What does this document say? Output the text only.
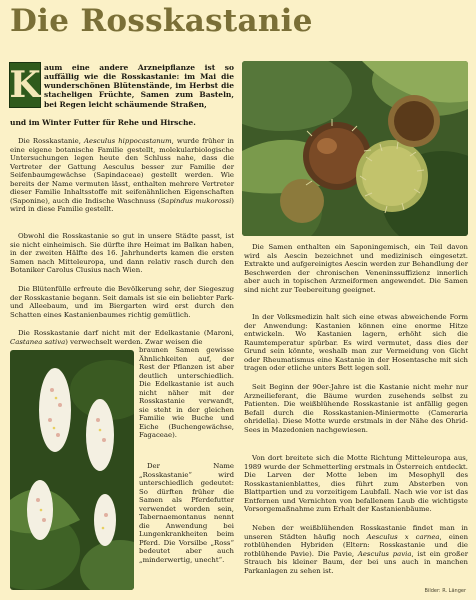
Die Rosskastanie
K aum eine andere Arzneipflanze ist so auffällig wie die Rosskastanie: im Mai die wunderschönen Blütenstände, im Herbst die stacheligen Früchte, Samen zum Basteln, bei Regen leicht schäumende Straßen,

und im Winter Futter für Rehe und Hirsche.

Die Rosskastanie, Aesculus hippocastanum, wurde früher in eine eigene botanische Familie gestellt, molekularbiologische Untersuchungen legen heute den Schluss nahe, dass die Vertreter der Gattung Aesculus besser zur Familie der Seifenbaumgewächse (Sapindaceae) gestellt werden. Wie bereits der Name vermuten lässt, enthalten mehrere Vertreter dieser Familie Inhaltsstoffe mit seifenähnlichen Eigenschaften (Saponine), auch die Indische Waschnuss (Sapindus mukorossi) wird in diese Familie gestellt.

Obwohl die Rosskastanie so gut in unsere Städte passt, ist sie nicht einheimisch. Sie dürfte ihre Heimat im Balkan haben, in der zweiten Hälfte des 16. Jahrhunderts kamen die ersten Samen nach Mitteleuropa, und dann relativ rasch durch den Botaniker Carolus Clusius nach Wien.

Die Blütenfülle erfreute die Bevölkerung sehr, der Siegeszug der Rosskastanie begann. Seit damals ist sie ein beliebter Park- und Alleebaum, und im Biergarten wird erst durch den Schatten eines Kastanienbaumes richtig gemütlich.

Die Rosskastanie darf nicht mit der Edelkastanie (Maroni, Castanea sativa) verwechselt werden. Zwar weisen die

braunen Samen gewisse Ähnlichkeiten auf, der Rest der Pflanzen ist aber deutlich unterschiedlich. Die Edelkastanie ist auch nicht näher mit der Rosskastanie verwandt, sie steht in der gleichen Familie wie Buche und Eiche (Buchengewächse, Fagaceae).

Der Name „Rosskastanie“ wird unterschiedlich gedeutet: So dürften früher die Samen als Pferdefutter verwendet worden sein, Tabernaemontanus nennt die Anwendung bei Lungenkrankheiten beim Pferd. Die Vorsilbe „Ross“ bedeutet aber auch „minderwertig, unecht“.

Die Samen enthalten ein Saponingemisch, ein Teil davon wird als Aescin bezeichnet und medizinisch eingesetzt. Extrakte und aufgereinigtes Aescin werden zur Behandlung der Beschwerden der chronischen Veneninssuffizienz innerlich aber auch in topischen Arzneiformen angewendet. Die Samen sind nicht zur Teebereitung geeignet.

In der Volksmedizin halt sich eine etwas abweichende Form der Anwendung: Kastanien können eine enorme Hitze entwickeln. Wo Kastanien lagern, erhöht sich die Raumtemperatur spürbar. Es wird vermutet, dass dies der Grund sein könnte, weshalb man zur Vermeidung von Gicht oder Rheumatismus eine Kastanie in der Hosentasche mit sich tragen oder etliche unters Bett legen soll.

Seit Beginn der 90er-Jahre ist die Kastanie nicht mehr nur Arzneilieferant, die Bäume wurden zusehends selbst zu Patienten. Die weißblühende Rosskastanie ist anfällig gegen Befall durch die Rosskastanien-Miniermotte (Cameraria ohridella). Diese Motte wurde erstmals in der Nähe des Ohrid-Sees in Mazedonien nachgewiesen.

Von dort breitete sich die Motte Richtung Mitteleuropa aus, 1989 wurde der Schmetterling erstmals in Österreich entdeckt. Die Larven der Motte leben im Mesophyll des Rosskastanienblattes, dies führt zum Absterben von Blattpartien und zu vorzeitigem Laubfall. Nach wie vor ist das Entfernen und Vernichten von befallenem Laub die wichtigste Vorsorgemaßnahme zum Erhalt der Kastanienbäume.

Neben der weißblühenden Rosskastanie findet man in unseren Städten häufig noch Aesculus x carnea, einen rotblühenden Hybriden (Eltern: Rosskastanie und die rotblühende Pavie). Die Pavie, Aesculus pavia, ist ein großer Strauch bis kleiner Baum, der bei uns auch in manchen Parkanlagen zu sehen ist.

Bilder: R. Länger
